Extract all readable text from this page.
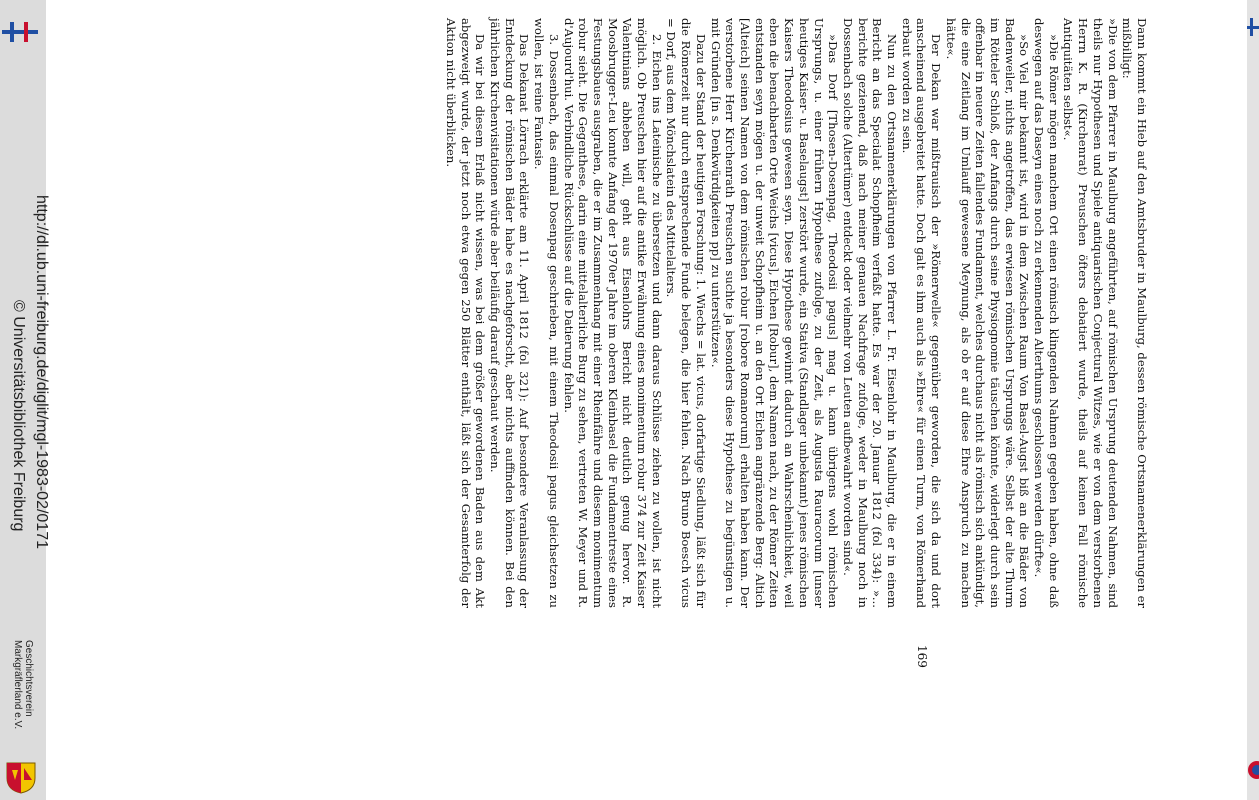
Dann kommt ein Hieb auf den Amtsbruder in Maulburg, dessen römische Ortsnamenerklärungen er mißbilligt:

»Die von dem Pfarrer in Maulburg angeführten, auf römischen Ursprung deutenden Nahmen, sind theils nur Hypothesen und Spiele antiquarischen Conjectural Witzes, wie er von dem verstorbenen Herrn K. R. (Kirchenrat) Preuschen öfters debatiert wurde, theils auf keinen Fall römische Antiquitäten selbst«.

»Die Römer mögen manchem Ort einen römisch klingenden Nahmen gegeben haben, ohne daß deswegen auf das Daseyn eines noch zu erkennenden Alterthums geschlossen werden dürfte«.

»So Viel mir bekannt ist, wird in dem Zwischen Raum Von Basel-Augst biß an die Bäder von Badenweiler, nichts angetroffen, das erwiesen römischen Ursprungs wäre. Selbst der alte Thurm im Rötteler Schloß, der Anfangs durch seine Physiognomie täuschen könnte, widerlegt durch sein offenbar in neuere Zeiten fallendes Fundament, welches durchaus nicht als römisch sich ankündigt, die eine Zeitlang im Umlauff gewesene Meynung, als ob er auf diese Ehre Anspruch zu machen hätte«.

Der Dekan war mißtrauisch der »Römerwelle« gegenüber geworden, die sich da und dort anscheinend ausgebreitet hatte. Doch galt es ihm auch als »Ehre« für einen Turm, von Römerhand erbaut worden zu sein.

Nun zu den Ortsnamenerklärungen von Pfarrer L. Fr. Eisenlohr in Maulburg, die er in einem Bericht an das Specialat Schopfheim verfaßt hatte. Es war der 20. Januar 1812 (fol 334): »... berichte gezienend, daß nach meiner genauen Nachfrage zufolge, weder in Maulburg noch in Dossenbach solche (Altertümer) entdeckt oder vielmehr von Leuten aufbewahrt worden sind«.

»Das Dorf [Thosen-Dosenpag, Theodosii pagus] mag u. kann übrigens wohl römischen Ursprungs, u. einer frühern Hypothese zufolge, zu der Zeit, als Augusta Rauracorum [unser heutiges Kaiser- u. Baselaugst] zerstört wurde, ein Stativa (Standlager unbekannt) jenes römischen Kaisers Theodosius gewesen seyn. Diese Hypothese gewinnt dadurch an Wahrscheinlichkeit, weil eben die benachbarten Orte Weichs [vicus], Eichen [Robur], dem Namen nach, zu der Römer Zeiten entstanden seyn mögen u. der unweit Schopfheim u. an den Ort Eichen angränzende Berg: Altich [Alteich] seinen Namen von dem römischen robur [robore Romanorum] erhalten haben kann. Der verstorbene Herr Kirchenrath Preuschen suchte ja besonders diese Hypothese zu begünstigen u. mit Gründen [in s. Denkwürdigkeiten pp] zu unterstützen«.

Dazu der Stand der heutigen Forschung: 1. Wiechs = lat. vicus, dorfartige Siedlung, läßt sich für die Römerzeit nur durch entsprechende Funde belegen, die hier fehlen. Nach Bruno Boesch vicus = Dorf, aus dem Mönchslatein des Mittelalters.

2. Eichen ins Lateinische zu übersetzen und dann daraus Schlüsse ziehen zu wollen, ist nicht möglich. Ob Preuschen hier auf die antike Erwähnung eines monimentum robur 374 zur Zeit Kaiser Valentinians abheben will, geht aus Eisenlohrs Bericht nicht deutlich genug hervor. R. Moosbrugger-Leu konnte Anfang der 1970er Jahre im oberen Kleinbasel die Fundamentreste eines Festungsbaues ausgraben, die er im Zusammenhang mit einer Rheinfähre und diesem monimentum robur sieht. Die Gegenthese, darin eine mittelalterliche Burg zu sehen, vertreten W. Meyer und R. d'Aujourd'hui. Verbindliche Rückschlüsse auf die Datierung fehlen.

3. Dossenbach, das einmal Dosenpag geschrieben, mit einem Theodosii pagus gleichsetzen zu wollen, ist reine Fantasie.

Das Dekanat Lörrach erklärte am 11. April 1812 (fol 321): Auf besondere Veranlassung der Entdeckung der römischen Bäder habe es nachgeforscht, aber nichts auffinden können. Bei den jährlichen Kirchenvisitationen würde aber beiläufig darauf geschaut werden.

Da wir bei diesem Erlaß nicht wissen, was bei dem größer gewordenen Baden aus dem Akt abgezweigt wurde, der jetzt noch etwa gegen 250 Blätter enthält, läßt sich der Gesamterfolg der Aktion nicht überblicken.

169
http://dl.ub.uni-freiburg.de/diglit/mgl-1983-02/0171
© Universitätsbibliothek Freiburg
Geschichtsverein
Markgräflerland e.V.
